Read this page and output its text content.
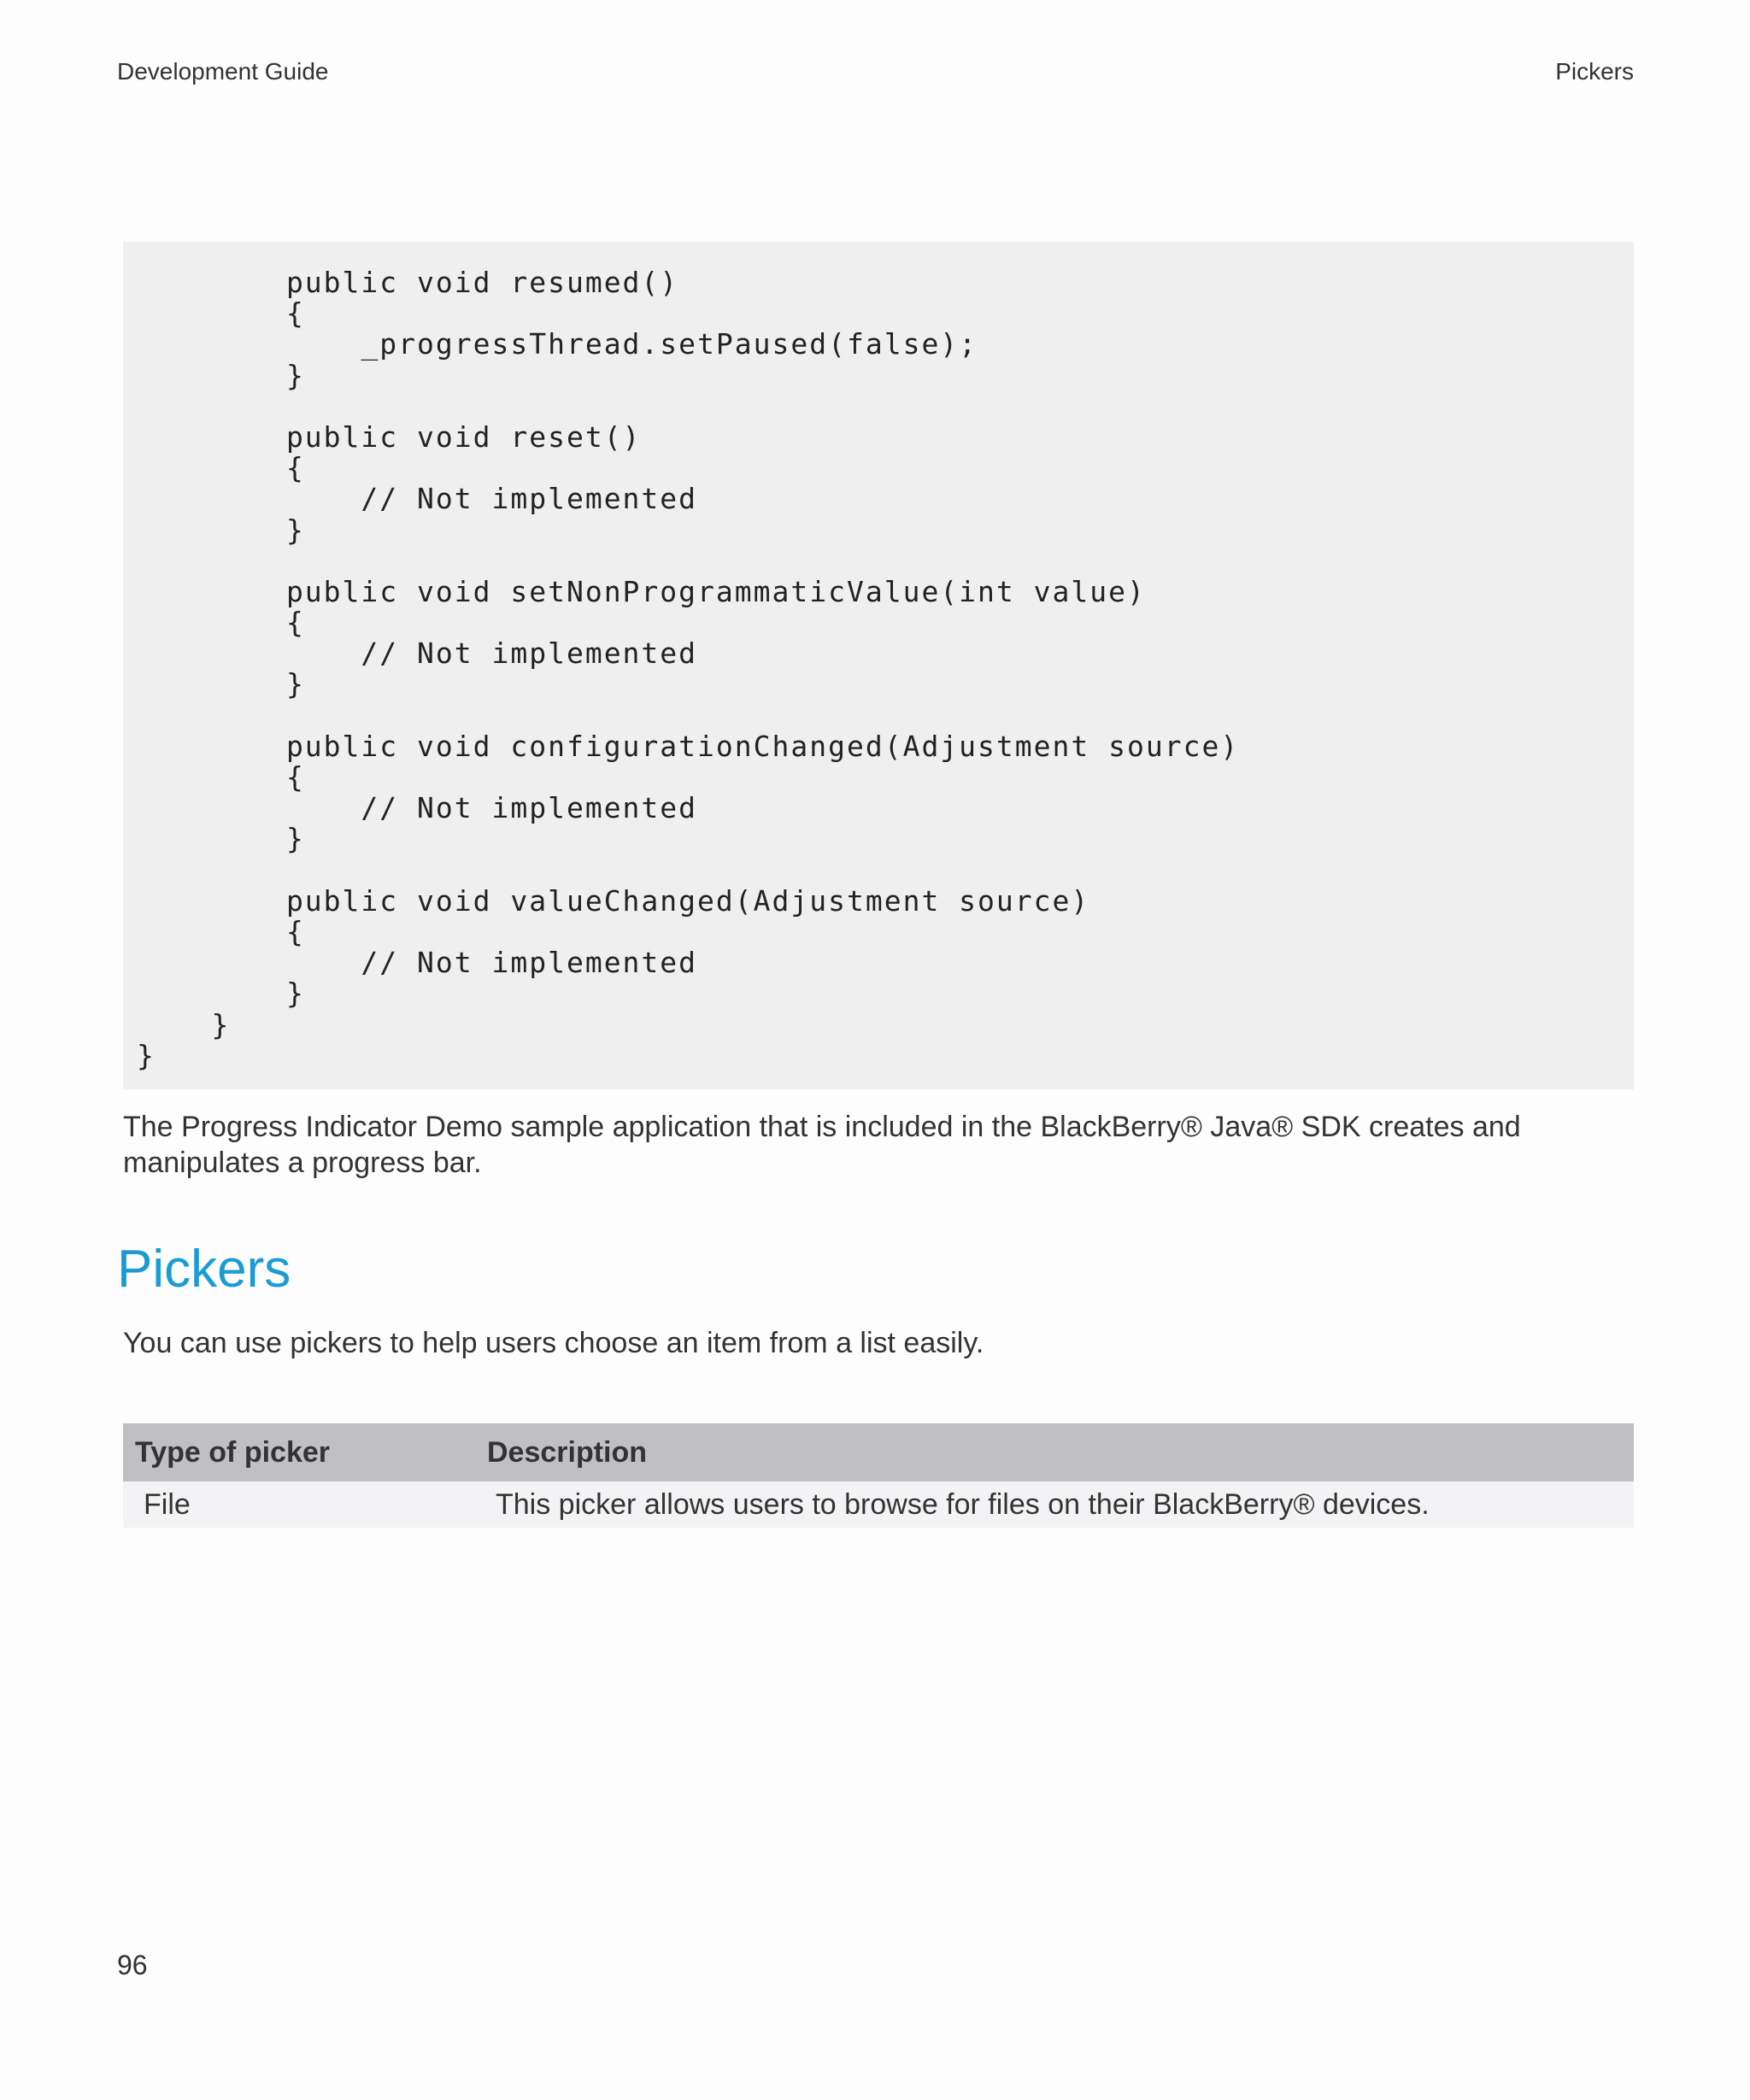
Development Guide	Pickers
public void resumed()
{
_progressThread.setPaused(false);
}
public void reset()
{
// Not implemented
}
public void setNonProgrammaticValue(int value)
{
// Not implemented
}
public void configurationChanged(Adjustment source)
{
// Not implemented
}
public void valueChanged(Adjustment source)
{
// Not implemented
}
}
}

The Progress Indicator Demo sample application that is included in the BlackBerry® Java® SDK creates and manipulates a progress bar.

Pickers

You can use pickers to help users choose an item from a list easily.

Type of picker	Description
File	This picker allows users to browse for files on their BlackBerry® devices.
96
